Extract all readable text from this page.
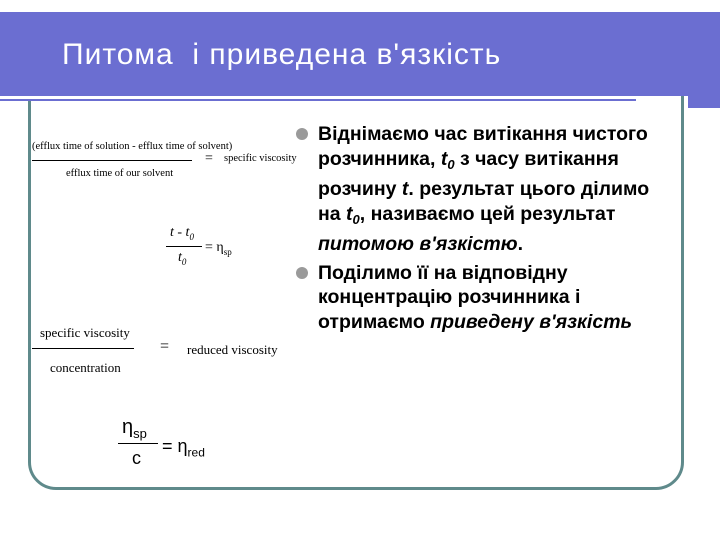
Питома  і приведена в'язкість
(efflux time of solution - efflux time of solvent)
= specific viscosity
efflux time of our solvent
t - $t_0$
$t_0$
= $\eta_{sp}$
specific viscosity
= reduced viscosity
concentration
$\eta_{sp}$
c
= $\eta_{red}$
Віднімаємо час витікання чистого розчинника, $t_0$ з часу витікання розчину t. результат цього ділимо на $t_0$, називаємо цей результат питомою в'язкістю.
Поділимо її на відповідну концентрацію розчинника і отримаємо приведену в'язкість
